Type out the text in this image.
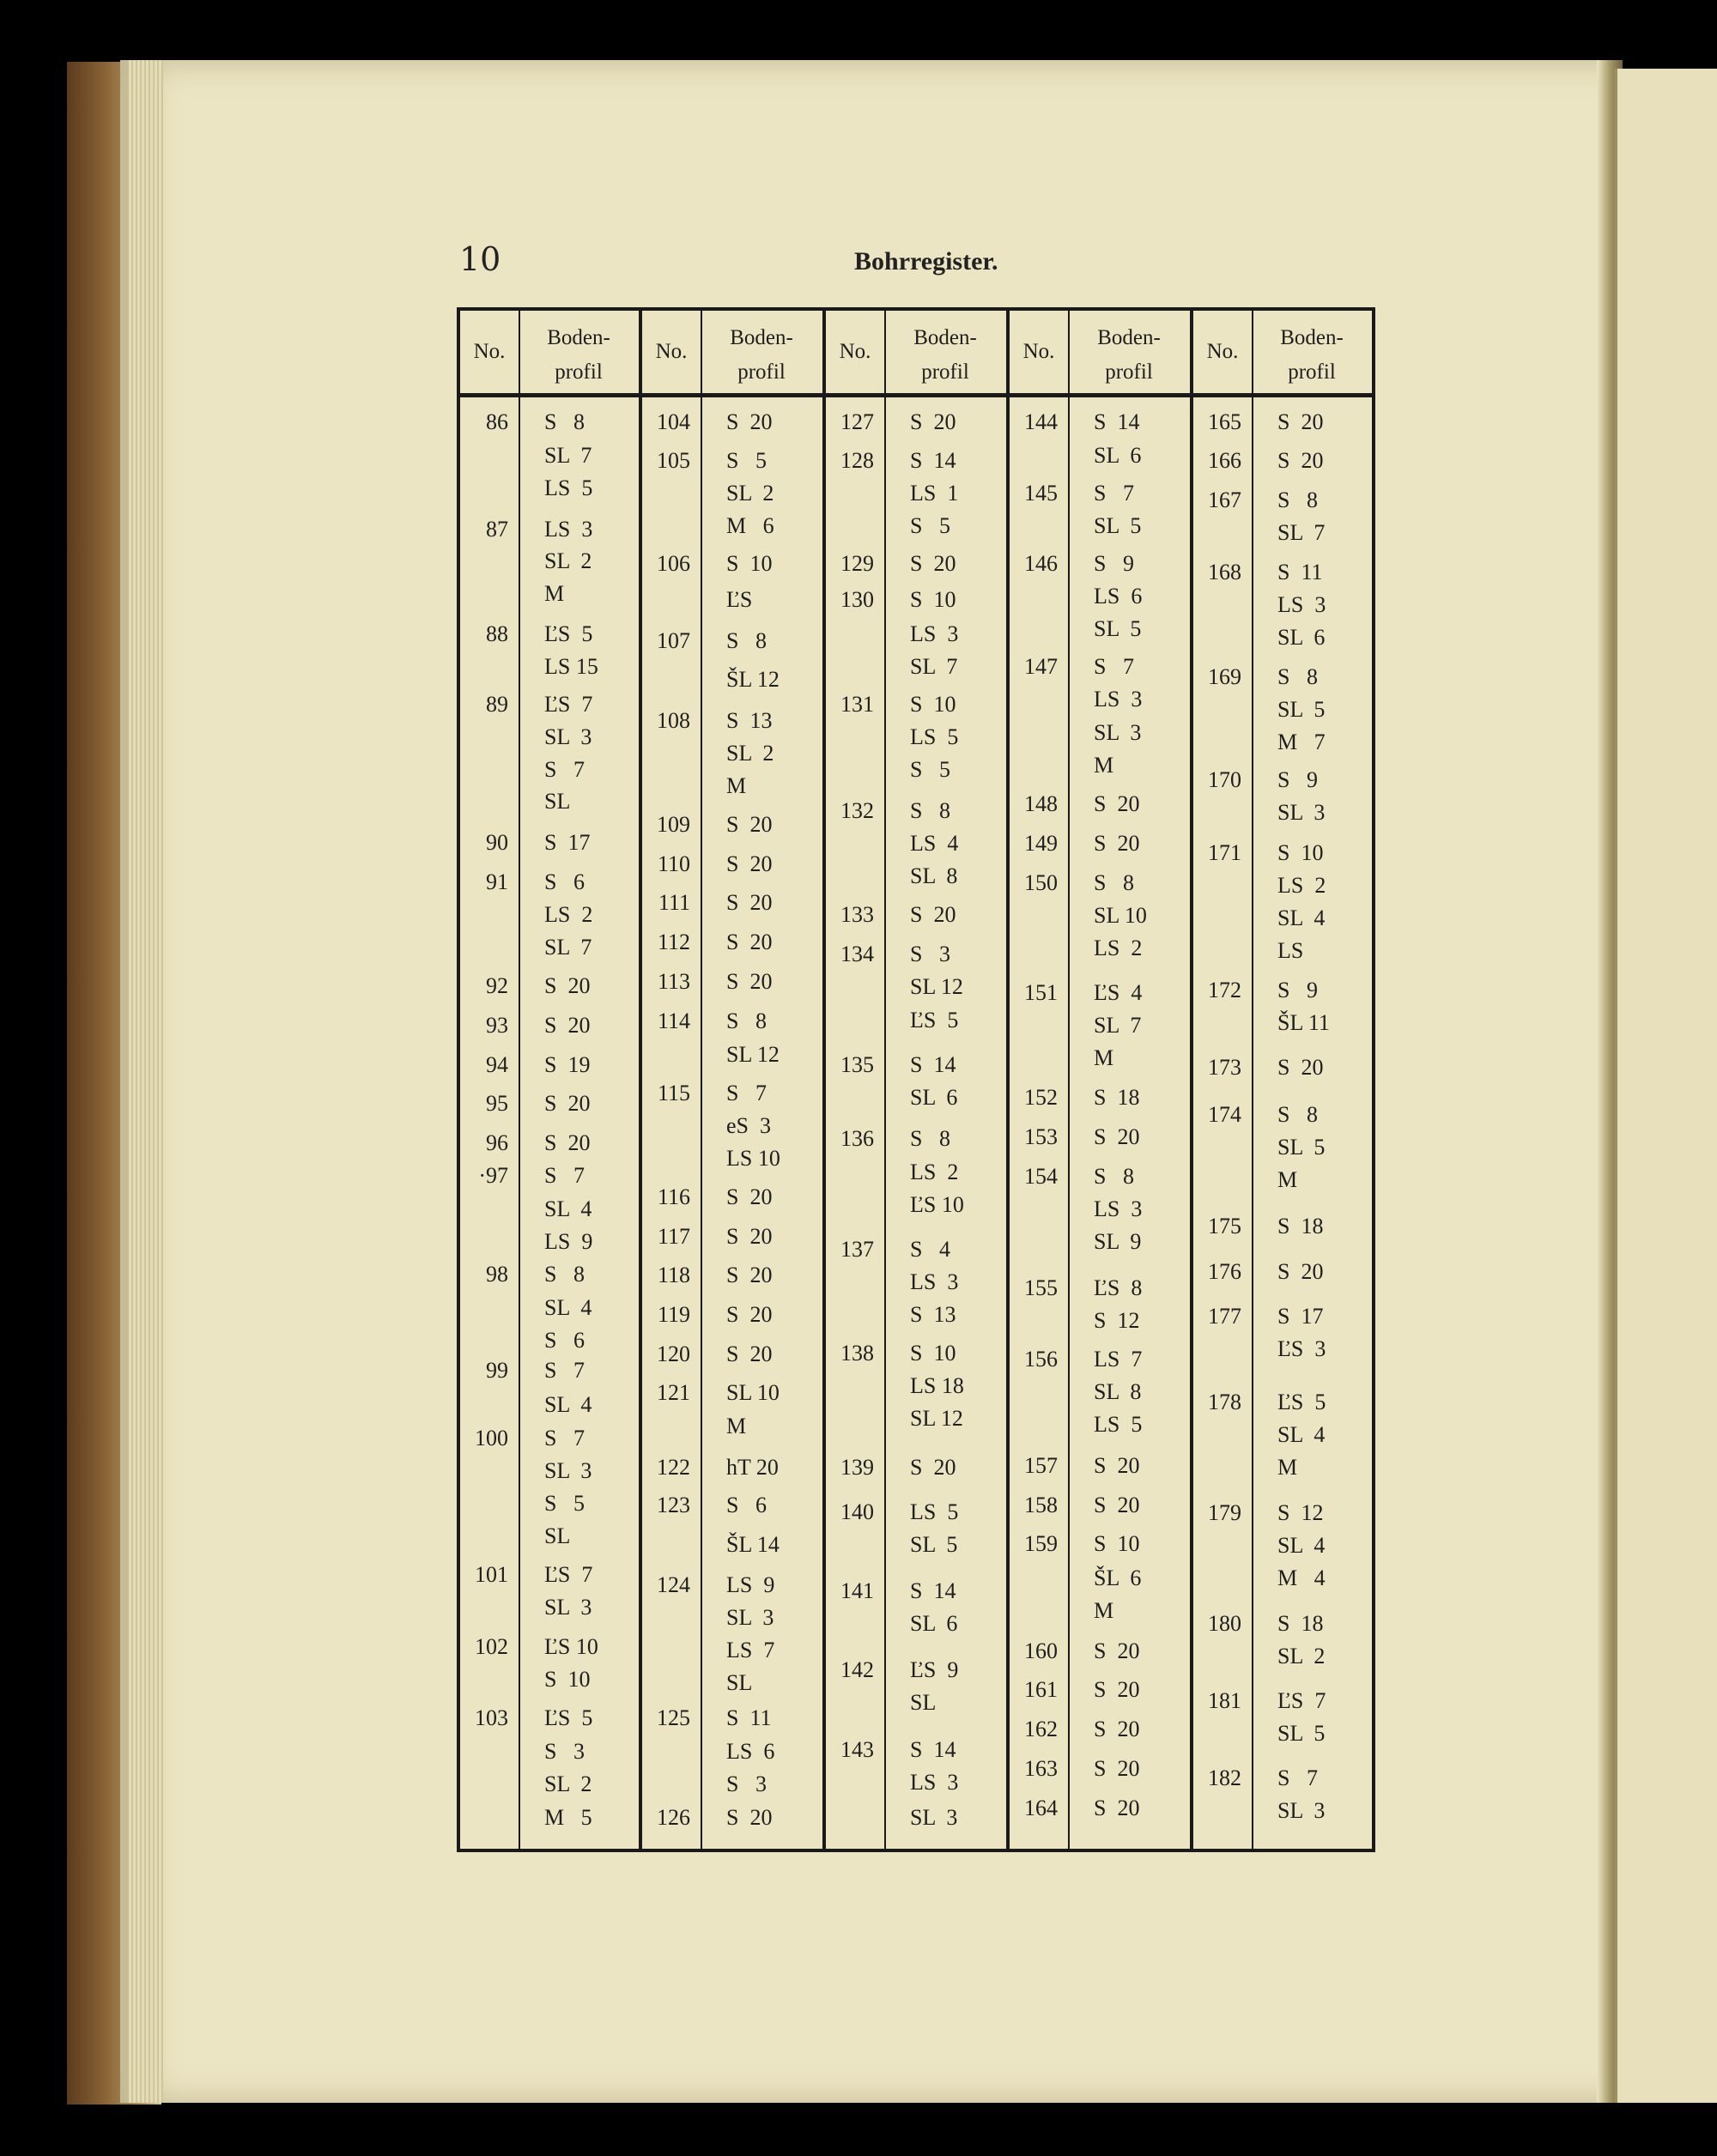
10	Bohrregister.
No.
Boden-
profil
86
87
88
89
90
91
92
93
94
95
96
·97
98
99
100
101
102
103
S   8
SL  7
LS  5
LS  3
SL  2
M
ĽS  5
LS 15
ĽS  7
SL  3
S   7
SL
S  17
S   6
LS  2
SL  7
S  20
S  20
S  19
S  20
S  20
S   7
SL  4
LS  9
S   8
SL  4
S   6
S   7
SL  4
S   7
SL  3
S   5
SL
ĽS  7
SL  3
ĽS 10
S  10
ĽS  5
S   3
SL  2
M   5
No.
Boden-
profil
104
105
106
107
108
109
110
111
112
113
114
115
116
117
118
119
120
121
122
123
124
125
126
S  20
S   5
SL  2
M   6
S  10
ĽS
S   8
ŠL 12
S  13
SL  2
M
S  20
S  20
S  20
S  20
S  20
S   8
SL 12
S   7
eS  3
LS 10
S  20
S  20
S  20
S  20
S  20
SL 10
M
hT 20
S   6
ŠL 14
LS  9
SL  3
LS  7
SL
S  11
LS  6
S   3
S  20
No.
Boden-
profil
127
128
129
130
131
132
133
134
135
136
137
138
139
140
141
142
143
S  20
S  14
LS  1
S   5
S  20
S  10
LS  3
SL  7
S  10
LS  5
S   5
S   8
LS  4
SL  8
S  20
S   3
SL 12
ĽS  5
S  14
SL  6
S   8
LS  2
ĽS 10
S   4
LS  3
S  13
S  10
LS 18
SL 12
S  20
LS  5
SL  5
S  14
SL  6
ĽS  9
SL
S  14
LS  3
SL  3
No.
Boden-
profil
144
145
146
147
148
149
150
151
152
153
154
155
156
157
158
159
160
161
162
163
164
S  14
SL  6
S   7
SL  5
S   9
LS  6
SL  5
S   7
LS  3
SL  3
M
S  20
S  20
S   8
SL 10
LS  2
ĽS  4
SL  7
M
S  18
S  20
S   8
LS  3
SL  9
ĽS  8
S  12
LS  7
SL  8
LS  5
S  20
S  20
S  10
ŠL  6
M
S  20
S  20
S  20
S  20
S  20
No.
Boden-
profil
165
166
167
168
169
170
171
172
173
174
175
176
177
178
179
180
181
182
S  20
S  20
S   8
SL  7
S  11
LS  3
SL  6
S   8
SL  5
M   7
S   9
SL  3
S  10
LS  2
SL  4
LS
S   9
ŠL 11
S  20
S   8
SL  5
M
S  18
S  20
S  17
ĽS  3
ĽS  5
SL  4
M
S  12
SL  4
M   4
S  18
SL  2
ĽS  7
SL  5
S   7
SL  3
